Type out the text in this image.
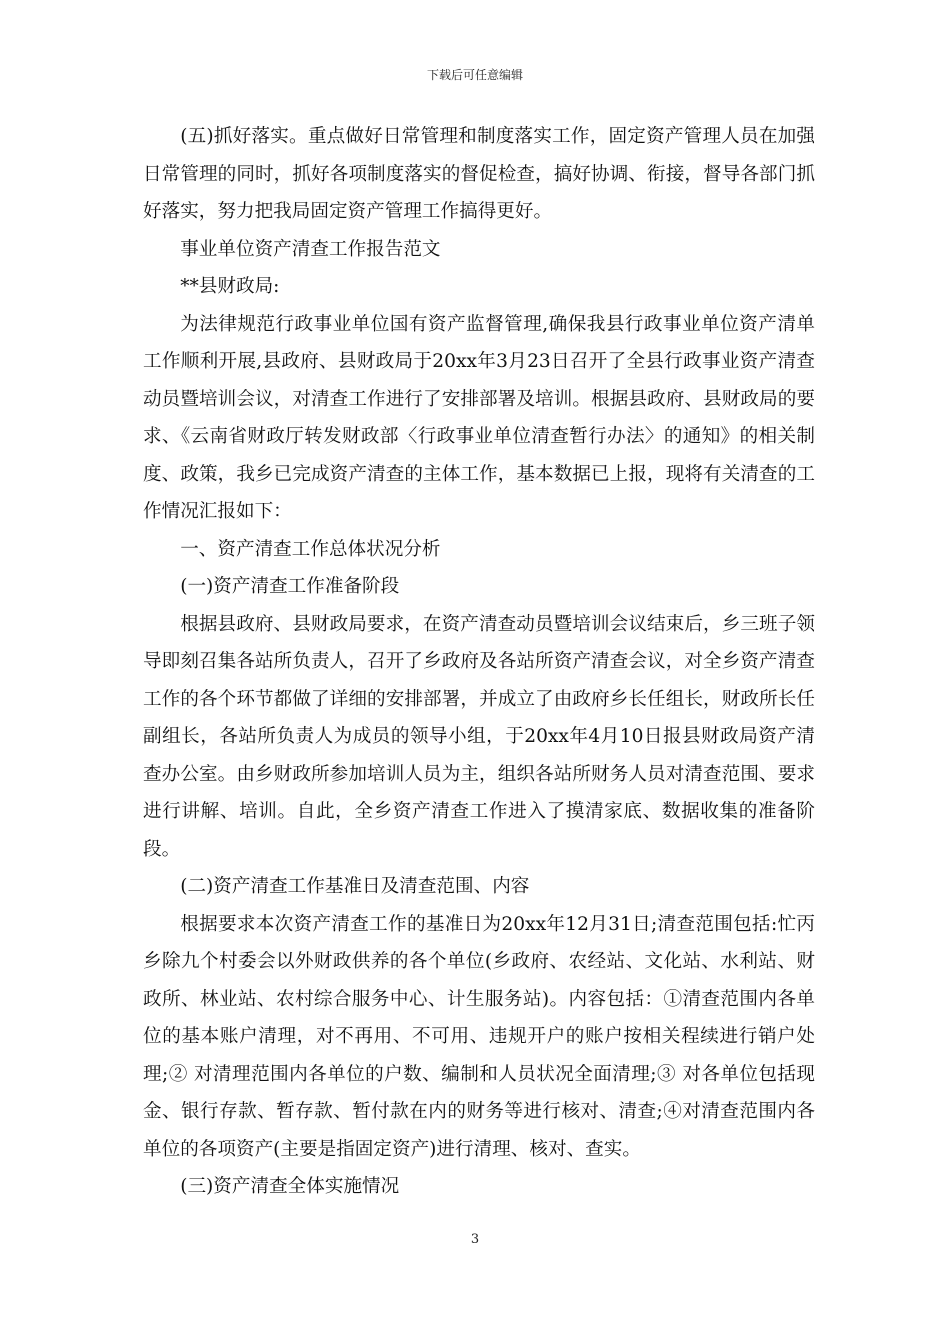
下载后可任意编辑

(五)抓好落实。重点做好日常管理和制度落实工作，固定资产管理人员在加强日常管理的同时，抓好各项制度落实的督促检查，搞好协调、衔接，督导各部门抓好落实，努力把我局固定资产管理工作搞得更好。

事业单位资产清查工作报告范文

**县财政局:

为法律规范行政事业单位国有资产监督管理,确保我县行政事业单位资产清单工作顺利开展,县政府、县财政局于20xx年3月23日召开了全县行政事业资产清查动员暨培训会议，对清查工作进行了安排部署及培训。根据县政府、县财政局的要求、《云南省财政厅转发财政部〈行政事业单位清查暂行办法〉的通知》的相关制度、政策，我乡已完成资产清查的主体工作，基本数据已上报，现将有关清查的工作情况汇报如下：

一、资产清查工作总体状况分析

(一)资产清查工作准备阶段

根据县政府、县财政局要求，在资产清查动员暨培训会议结束后，乡三班子领导即刻召集各站所负责人，召开了乡政府及各站所资产清查会议，对全乡资产清查工作的各个环节都做了详细的安排部署，并成立了由政府乡长任组长，财政所长任副组长，各站所负责人为成员的领导小组，于20xx年4月10日报县财政局资产清查办公室。由乡财政所参加培训人员为主，组织各站所财务人员对清查范围、要求进行讲解、培训。自此，全乡资产清查工作进入了摸清家底、数据收集的准备阶段。

(二)资产清查工作基准日及清查范围、内容

根据要求本次资产清查工作的基准日为20xx年12月31日;清查范围包括:忙丙乡除九个村委会以外财政供养的各个单位(乡政府、农经站、文化站、水利站、财政所、林业站、农村综合服务中心、计生服务站)。内容包括：①清查范围内各单位的基本账户清理，对不再用、不可用、违规开户的账户按相关程续进行销户处理;② 对清理范围内各单位的户数、编制和人员状况全面清理;③ 对各单位包括现金、银行存款、暂存款、暂付款在内的财务等进行核对、清查;④对清查范围内各单位的各项资产(主要是指固定资产)进行清理、核对、查实。

(三)资产清查全体实施情况

3
